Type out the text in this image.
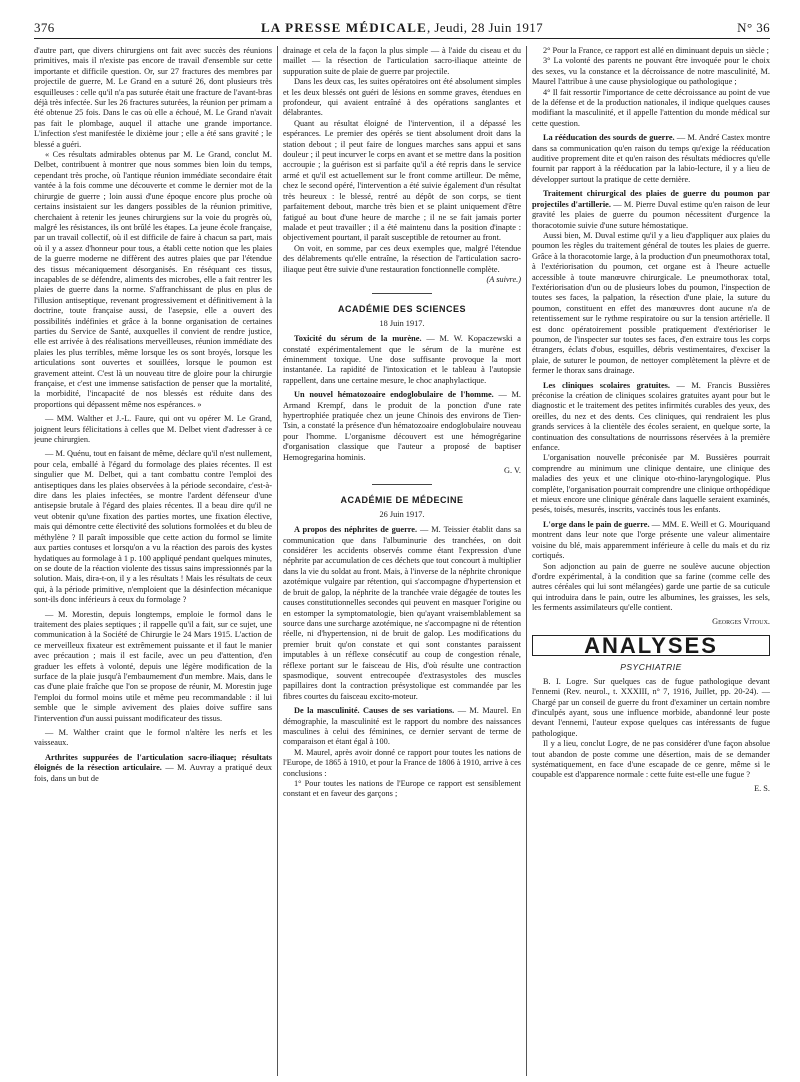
376	LA PRESSE MÉDICALE, Jeudi, 28 Juin 1917	N° 36

d'autre part, que divers chirurgiens ont fait avec succès des réunions primitives, mais il n'existe pas encore de travail d'ensemble sur cette importante et difficile question. Or, sur 27 fractures des membres par projectile de guerre, M. Le Grand en a suturé 26, dont plusieurs très esquilleuses : celle qu'il n'a pas suturée était une fracture de l'avant-bras déjà très infectée. Sur les 26 fractures suturées, la réunion per primam a été obtenue 25 fois. Dans le cas où elle a échoué, M. Le Grand n'avait pas fait le plombage, auquel il attache une grande importance. L'infection s'est manifestée le dixième jour ; elle a été sans gravité ; le blessé a guéri.

« Ces résultats admirables obtenus par M. Le Grand, conclut M. Delbet, contribuent à montrer que nous sommes bien loin du temps, cependant très proche, où l'antique réunion immédiate secondaire était vantée à la fois comme une découverte et comme le dernier mot de la chirurgie de guerre ; loin aussi d'une époque encore plus proche où certains insistaient sur les dangers possibles de la réunion primitive, cherchaient à retenir les jeunes chirurgiens sur la voie du progrès où, malgré les résistances, ils ont brûlé les étapes. La jeune école française, par un travail collectif, où il est difficile de faire à chacun sa part, mais où il y a assez d'honneur pour tous, a établi cette notion que les plaies de la guerre moderne ne diffèrent des autres plaies que par l'étendue des tissus mécaniquement désorganisés. En réséquant ces tissus, incapables de se défendre, aliments des microbes, elle a fait rentrer les plaies de guerre dans la norme. S'affranchissant de plus en plus de l'illusion antiseptique, revenant progressivement et définitivement à la doctrine, toute française aussi, de l'asepsie, elle a ouvert des possibilités indéfinies et grâce à la bonne organisation de certaines parties du Service de Santé, auxquelles il convient de rendre justice, elle est arrivée à des réalisations merveilleuses, réunion immédiate des plaies les plus terribles, même lorsque les os sont broyés, lorsque les articulations sont ouvertes et souillées, lorsque le poumon est gravement atteint. C'est là un nouveau titre de gloire pour la chirurgie française, et c'est une immense satisfaction de penser que la mortalité, la morbidité, l'incapacité de nos blessés est réduite dans des proportions qui dépassent même nos espérances. »

— MM. Walther et J.-L. Faure, qui ont vu opérer M. Le Grand, joignent leurs félicitations à celles que M. Delbet vient d'adresser à ce jeune chirurgien.

— M. Quénu, tout en faisant de même, déclare qu'il n'est nullement, pour cela, emballé à l'égard du formolage des plaies récentes. Il est singulier que M. Delbet, qui a tant combattu contre l'emploi des antiseptiques dans les plaies observées à la période secondaire, c'est-à-dire dans les plaies infectées, se montre l'ardent défenseur d'une antisepsie brutale à l'égard des plaies récentes. Il a beau dire qu'il ne veut obtenir qu'une fixation des parties mortes, une fixation élective, mais qui démontre cette électivité des solutions formolées et du bleu de méthylène ? Il paraît impossible que cette action du formol se limite aux parties contuses et lorsqu'on a vu la réaction des parois des kystes hydatiques au formolage à 1 p. 100 appliqué pendant quelques minutes, on se doute de la réaction violente des tissus sains impressionnés par la solution. Mais, dira-t-on, il y a les résultats ! Mais les résultats de ceux qui, à la période primitive, n'emploient que la désinfection mécanique sont-ils donc inférieurs à ceux du formolage ?

— M. Morestin, depuis longtemps, emploie le formol dans le traitement des plaies septiques ; il rappelle qu'il a fait, sur ce sujet, une communication à la Société de Chirurgie le 24 Mars 1915. L'action de ce merveilleux fixateur est extrêmement puissante et il faut le manier avec précaution ; mais il est facile, avec un peu d'attention, d'en graduer les effets à volonté, depuis une légère modification de la surface de la plaie jusqu'à l'embaumement d'un membre. Mais, dans le cas d'une plaie fraîche que l'on se propose de réunir, M. Morestin juge l'emploi du formol moins utile et même peu recommandable : il lui semble que le simple avivement des plaies doive suffire sans l'intervention d'un aussi puissant modificateur des tissus.

— M. Walther craint que le formol n'altère les nerfs et les vaisseaux.

Arthrites suppurées de l'articulation sacro-iliaque; résultats éloignés de la résection articulaire. — M. Auvray a pratiqué deux fois, dans un but de

drainage et cela de la façon la plus simple — à l'aide du ciseau et du maillet — la résection de l'articulation sacro-iliaque atteinte de suppuration suite de plaie de guerre par projectile.

Dans les deux cas, les suites opératoires ont été absolument simples et les deux blessés ont guéri de lésions en somme graves, étendues en profondeur, qui avaient entraîné à des opérations sanglantes et délabrantes.

Quant au résultat éloigné de l'intervention, il a dépassé les espérances. Le premier des opérés se tient absolument droit dans la station debout ; il peut faire de longues marches sans appui et sans douleur ; il peut incurver le corps en avant et se mettre dans la position accroupie ; la guérison est si parfaite qu'il a été repris dans le service armé et qu'il est actuellement sur le front comme artilleur. De même, chez le second opéré, l'intervention a été suivie également d'un résultat très heureux : le blessé, rentré au dépôt de son corps, se tient parfaitement debout, marche très bien et se plaint uniquement d'être fatigué au bout d'une heure de marche ; il ne se fait jamais porter malade et peut travailler ; il a été maintenu dans la position d'inapte : objectivement pourtant, il paraît susceptible de retourner au front.

On voit, en somme, par ces deux exemples que, malgré l'étendue des délabrements qu'elle entraîne, la résection de l'articulation sacro-iliaque peut être suivie d'une restauration fonctionnelle complète.

(A suivre.)
ACADÉMIE DES SCIENCES
18 Juin 1917.

Toxicité du sérum de la murène. — M. W. Kopaczewski a constaté expérimentalement que le sérum de la murène est éminemment toxique. Une dose suffisante provoque la mort instantanée. La rapidité de l'intoxication et le tableau à l'autopsie rappellent, dans une certaine mesure, le choc anaphylactique.

Un nouvel hématozoaire endoglobulaire de l'homme. — M. Armand Krempf, dans le produit de la ponction d'une rate hypertrophiée pratiquée chez un jeune Chinois des environs de Tien-Tsin, a constaté la présence d'un hématozoaire endoglobulaire nouveau pour l'homme. L'organisme découvert est une hémogrégarine d'organisation classique que l'auteur a proposé de baptiser Hemogregarina hominis.

G. V.
ACADÉMIE DE MÉDECINE
26 Juin 1917.

A propos des néphrites de guerre. — M. Teissier établit dans sa communication que dans l'albuminurie des tranchées, on doit considérer les accidents observés comme étant l'expression d'une néphrite par accumulation de ces déchets que tout concourt à multiplier dans la vie du soldat au front. Mais, à l'inverse de la néphrite chronique azotémique vulgaire par rétention, qui s'accompagne d'hypertension et de bruit de galop, la néphrite de la tranchée vraie dégagée de toutes les causes constitutionnelles secondes qui peuvent en masquer l'origine ou en estomper la symptomatologie, bien qu'ayant vraisemblablement sa source dans une surcharge azotémique, ne s'accompagne ni de rétention réelle, ni d'hypertension, ni de bruit de galop. Les modifications du premier bruit qu'on constate et qui sont constantes paraissent imputables à un réflexe consécutif au coup de congestion rénale, réflexe portant sur le faisceau de His, d'où résulte une contraction spasmodique, souvent entrecoupée d'extrasystoles des muscles papillaires dont la contraction présystolique est commandée par les fibres courtes du faisceau excito-moteur.

De la masculinité. Causes de ses variations. — M. Maurel. En démographie, la masculinité est le rapport du nombre des naissances masculines à celui des féminines, ce dernier servant de terme de comparaison et étant égal à 100.

M. Maurel, après avoir donné ce rapport pour toutes les nations de l'Europe, de 1865 à 1910, et pour la France de 1806 à 1910, arrive à ces conclusions :

1° Pour toutes les nations de l'Europe ce rapport est sensiblement constant et en faveur des garçons ;

2° Pour la France, ce rapport est allé en diminuant depuis un siècle ;

3° La volonté des parents ne pouvant être invoquée pour le choix des sexes, vu la constance et la décroissance de notre masculinité, M. Maurel l'attribue à une cause physiologique ou pathologique ;

4° Il fait ressortir l'importance de cette décroissance au point de vue de la défense et de la production nationales, il indique quelques causes modifiant la masculinité, et il appelle l'attention du monde médical sur cette question.

La rééducation des sourds de guerre. — M. André Castex montre dans sa communication qu'en raison du temps qu'exige la rééducation auditive proprement dite et qu'en raison des résultats médiocres qu'elle fournit par rapport à la rééducation par la labio-lecture, il y a lieu de développer surtout la pratique de cette dernière.

Traitement chirurgical des plaies de guerre du poumon par projectiles d'artillerie. — M. Pierre Duval estime qu'en raison de leur gravité les plaies de guerre du poumon nécessitent d'urgence la thoracotomie suivie d'une suture hémostatique.

Aussi bien, M. Duval estime qu'il y a lieu d'appliquer aux plaies du poumon les règles du traitement général de toutes les plaies de guerre. Grâce à la thoracotomie large, à la production d'un pneumothorax total, à l'extériorisation du poumon, cet organe est à l'heure actuelle accessible à toute manœuvre chirurgicale. Le pneumothorax total, l'extériorisation d'un ou de plusieurs lobes du poumon, l'inspection de toutes ses faces, la palpation, la résection d'une plaie, la suture du poumon, constituent en effet des manœuvres dont aucune n'a de retentissement sur le rythme respiratoire ou sur la tension artérielle. Il est donc opératoirement possible pratiquement d'extérioriser le poumon, de l'inspecter sur toutes ses faces, d'en extraire tous les corps étrangers, éclats d'obus, esquilles, débris vestimentaires, d'exciser la plaie, de suturer le poumon, de nettoyer complètement la plèvre et de fermer le thorax sans drainage.

Les cliniques scolaires gratuites. — M. Francis Bussières préconise la création de cliniques scolaires gratuites ayant pour but le diagnostic et le traitement des petites infirmités curables des yeux, des oreilles, du nez et des dents. Ces cliniques, qui rendraient les plus grands services à la clientèle des écoles seraient, en quelque sorte, la continuation des consultations de nourrissons réservées à la première enfance.

L'organisation nouvelle préconisée par M. Bussières pourrait comprendre au minimum une clinique dentaire, une clinique des maladies des yeux et une clinique oto-rhino-laryngologique. Plus complète, l'organisation pourrait comprendre une clinique orthopédique et mieux encore une clinique générale dans laquelle seraient examinés, pesés, toisés, mesurés, inscrits, vaccinés tous les enfants.

L'orge dans le pain de guerre. — MM. E. Weill et G. Mouriquand montrent dans leur note que l'orge présente une valeur alimentaire voisine du blé, mais apparemment inférieure à celle du maïs et du riz cortiqués.

Son adjonction au pain de guerre ne soulève aucune objection d'ordre expérimental, à la condition que sa farine (comme celle des autres céréales qui lui sont mélangées) garde une partie de sa cuticule qui introduira dans le pain, outre les albumines, les graisses, les sels, les ferments assimilateurs qu'elle contient.

Georges Vitoux.
ANALYSES
PSYCHIATRIE

B. I. Logre. Sur quelques cas de fugue pathologique devant l'ennemi (Rev. neurol., t. XXXIII, n° 7, 1916, Juillet, pp. 20-24). — Chargé par un conseil de guerre du front d'examiner un certain nombre d'inculpés ayant, sous une influence morbide, abandonné leur poste devant l'ennemi, l'auteur expose quelques cas intéressants de fugue pathologique.

Il y a lieu, conclut Logre, de ne pas considérer d'une façon absolue tout abandon de poste comme une désertion, mais de se demander systématiquement, en face d'une escapade de ce genre, même si le coupable est d'apparence normale : cette fuite est-elle une fugue ?

E. S.
